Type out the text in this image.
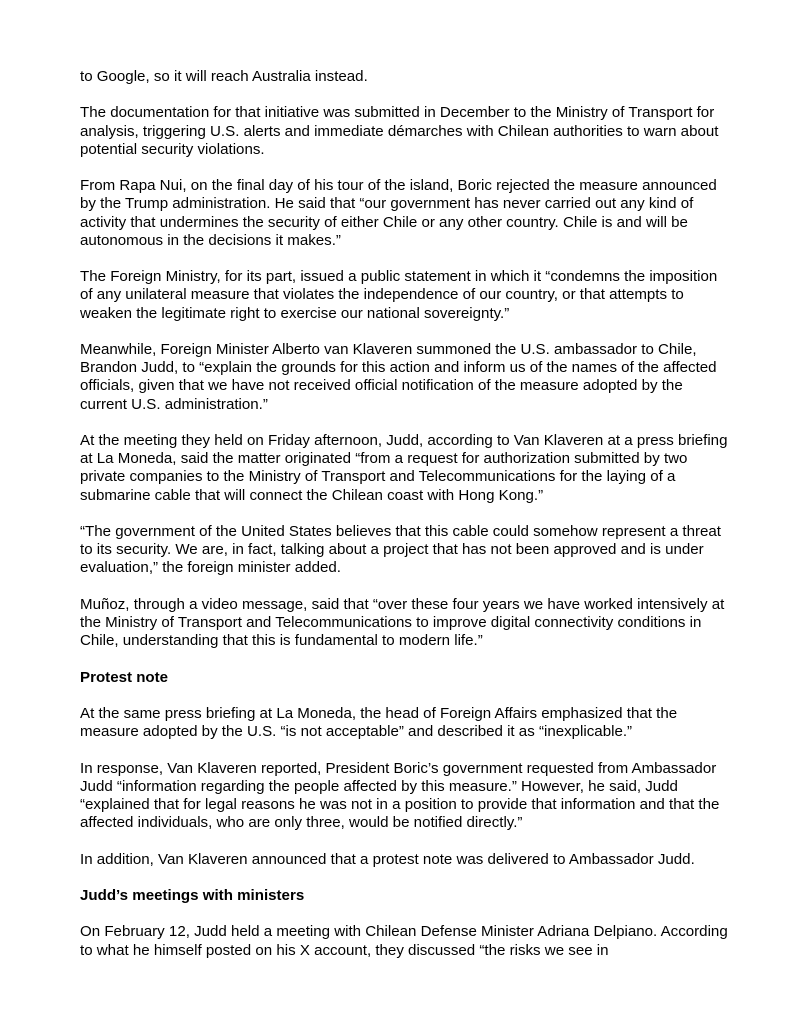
to Google, so it will reach Australia instead.

The documentation for that initiative was submitted in December to the Ministry of Transport for analysis, triggering U.S. alerts and immediate démarches with Chilean authorities to warn about potential security violations.

From Rapa Nui, on the final day of his tour of the island, Boric rejected the measure announced by the Trump administration. He said that “our government has never carried out any kind of activity that undermines the security of either Chile or any other country. Chile is and will be autonomous in the decisions it makes.”

The Foreign Ministry, for its part, issued a public statement in which it “condemns the imposition of any unilateral measure that violates the independence of our country, or that attempts to weaken the legitimate right to exercise our national sovereignty.”

Meanwhile, Foreign Minister Alberto van Klaveren summoned the U.S. ambassador to Chile, Brandon Judd, to “explain the grounds for this action and inform us of the names of the affected officials, given that we have not received official notification of the measure adopted by the current U.S. administration.”

At the meeting they held on Friday afternoon, Judd, according to Van Klaveren at a press briefing at La Moneda, said the matter originated “from a request for authorization submitted by two private companies to the Ministry of Transport and Telecommunications for the laying of a submarine cable that will connect the Chilean coast with Hong Kong.”

“The government of the United States believes that this cable could somehow represent a threat to its security. We are, in fact, talking about a project that has not been approved and is under evaluation,” the foreign minister added.

Muñoz, through a video message, said that “over these four years we have worked intensively at the Ministry of Transport and Telecommunications to improve digital connectivity conditions in Chile, understanding that this is fundamental to modern life.”

Protest note

At the same press briefing at La Moneda, the head of Foreign Affairs emphasized that the measure adopted by the U.S. “is not acceptable” and described it as “inexplicable.”

In response, Van Klaveren reported, President Boric’s government requested from Ambassador Judd “information regarding the people affected by this measure.” However, he said, Judd “explained that for legal reasons he was not in a position to provide that information and that the affected individuals, who are only three, would be notified directly.”

In addition, Van Klaveren announced that a protest note was delivered to Ambassador Judd.

Judd’s meetings with ministers

On February 12, Judd held a meeting with Chilean Defense Minister Adriana Delpiano. According to what he himself posted on his X account, they discussed “the risks we see in
